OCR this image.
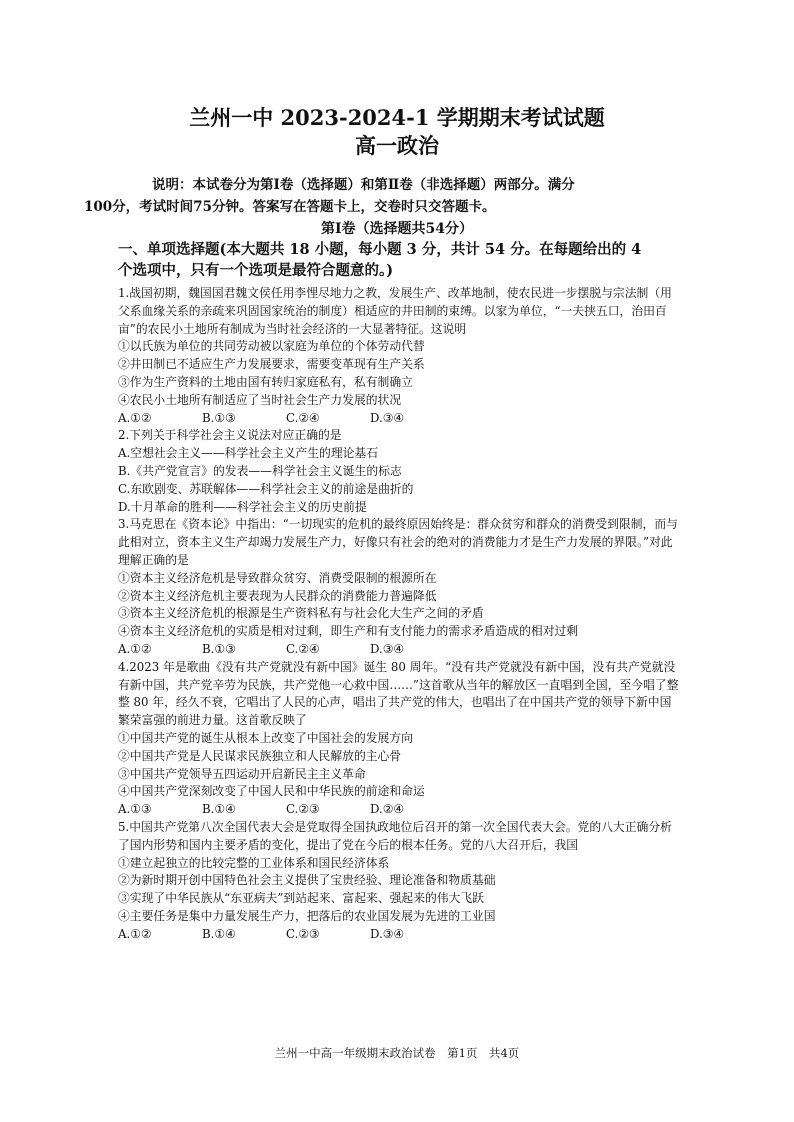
兰州一中 2023-2024-1 学期期末考试试题
高一政治
说明：本试卷分为第Ⅰ卷（选择题）和第Ⅱ卷（非选择题）两部分。满分
100分，考试时间75分钟。答案写在答题卡上，交卷时只交答题卡。
第Ⅰ卷（选择题共54分）
一、单项选择题(本大题共 18 小题，每小题 3 分，共计 54 分。在每题给出的 4
个选项中，只有一个选项是最符合题意的。)

1.战国初期，魏国国君魏文侯任用李悝尽地力之教，发展生产、改革地制，使农民进一步摆脱与宗法制（用父系血缘关系的亲疏来巩固国家统治的制度）相适应的井田制的束缚。以家为单位，“一夫挟五口，治田百亩”的农民小土地所有制成为当时社会经济的一大显著特征。这说明

①以氏族为单位的共同劳动被以家庭为单位的个体劳动代替

②井田制已不适应生产力发展要求，需要变革现有生产关系

③作为生产资料的土地由国有转归家庭私有，私有制确立

④农民小土地所有制适应了当时社会生产力发展的状况

A.①②	B.①③	C.②④	D.③④

2.下列关于科学社会主义说法对应正确的是

A.空想社会主义——科学社会主义产生的理论基石

B.《共产党宣言》的发表——科学社会主义诞生的标志

C.东欧剧变、苏联解体——科学社会主义的前途是曲折的

D.十月革命的胜利——科学社会主义的历史前提

3.马克思在《资本论》中指出：“一切现实的危机的最终原因始终是：群众贫穷和群众的消费受到限制，而与此相对立，资本主义生产却竭力发展生产力，好像只有社会的绝对的消费能力才是生产力发展的界限。”对此理解正确的是

①资本主义经济危机是导致群众贫穷、消费受限制的根源所在

②资本主义经济危机主要表现为人民群众的消费能力普遍降低

③资本主义经济危机的根源是生产资料私有与社会化大生产之间的矛盾

④资本主义经济危机的实质是相对过剩，即生产和有支付能力的需求矛盾造成的相对过剩

A.①②	B.①③	C.②④	D.③④

4.2023 年是歌曲《没有共产党就没有新中国》诞生 80 周年。“没有共产党就没有新中国，没有共产党就没有新中国，共产党辛劳为民族，共产党他一心救中国……”这首歌从当年的解放区一直唱到全国，至今唱了整整 80 年，经久不衰，它唱出了人民的心声，唱出了共产党的伟大，也唱出了在中国共产党的领导下新中国繁荣富强的前进力量。这首歌反映了

①中国共产党的诞生从根本上改变了中国社会的发展方向

②中国共产党是人民谋求民族独立和人民解放的主心骨

③中国共产党领导五四运动开启新民主主义革命

④中国共产党深刻改变了中国人民和中华民族的前途和命运

A.①③	B.①④	C.②③	D.②④

5.中国共产党第八次全国代表大会是党取得全国执政地位后召开的第一次全国代表大会。党的八大正确分析了国内形势和国内主要矛盾的变化，提出了党在今后的根本任务。党的八大召开后，我国

①建立起独立的比较完整的工业体系和国民经济体系

②为新时期开创中国特色社会主义提供了宝贵经验、理论准备和物质基础

③实现了中华民族从“东亚病夫”到站起来、富起来、强起来的伟大飞跃

④主要任务是集中力量发展生产力，把落后的农业国发展为先进的工业国

A.①②	B.①④	C.②③	D.③④
兰州一中高一年级期末政治试卷　第1页　共4页
